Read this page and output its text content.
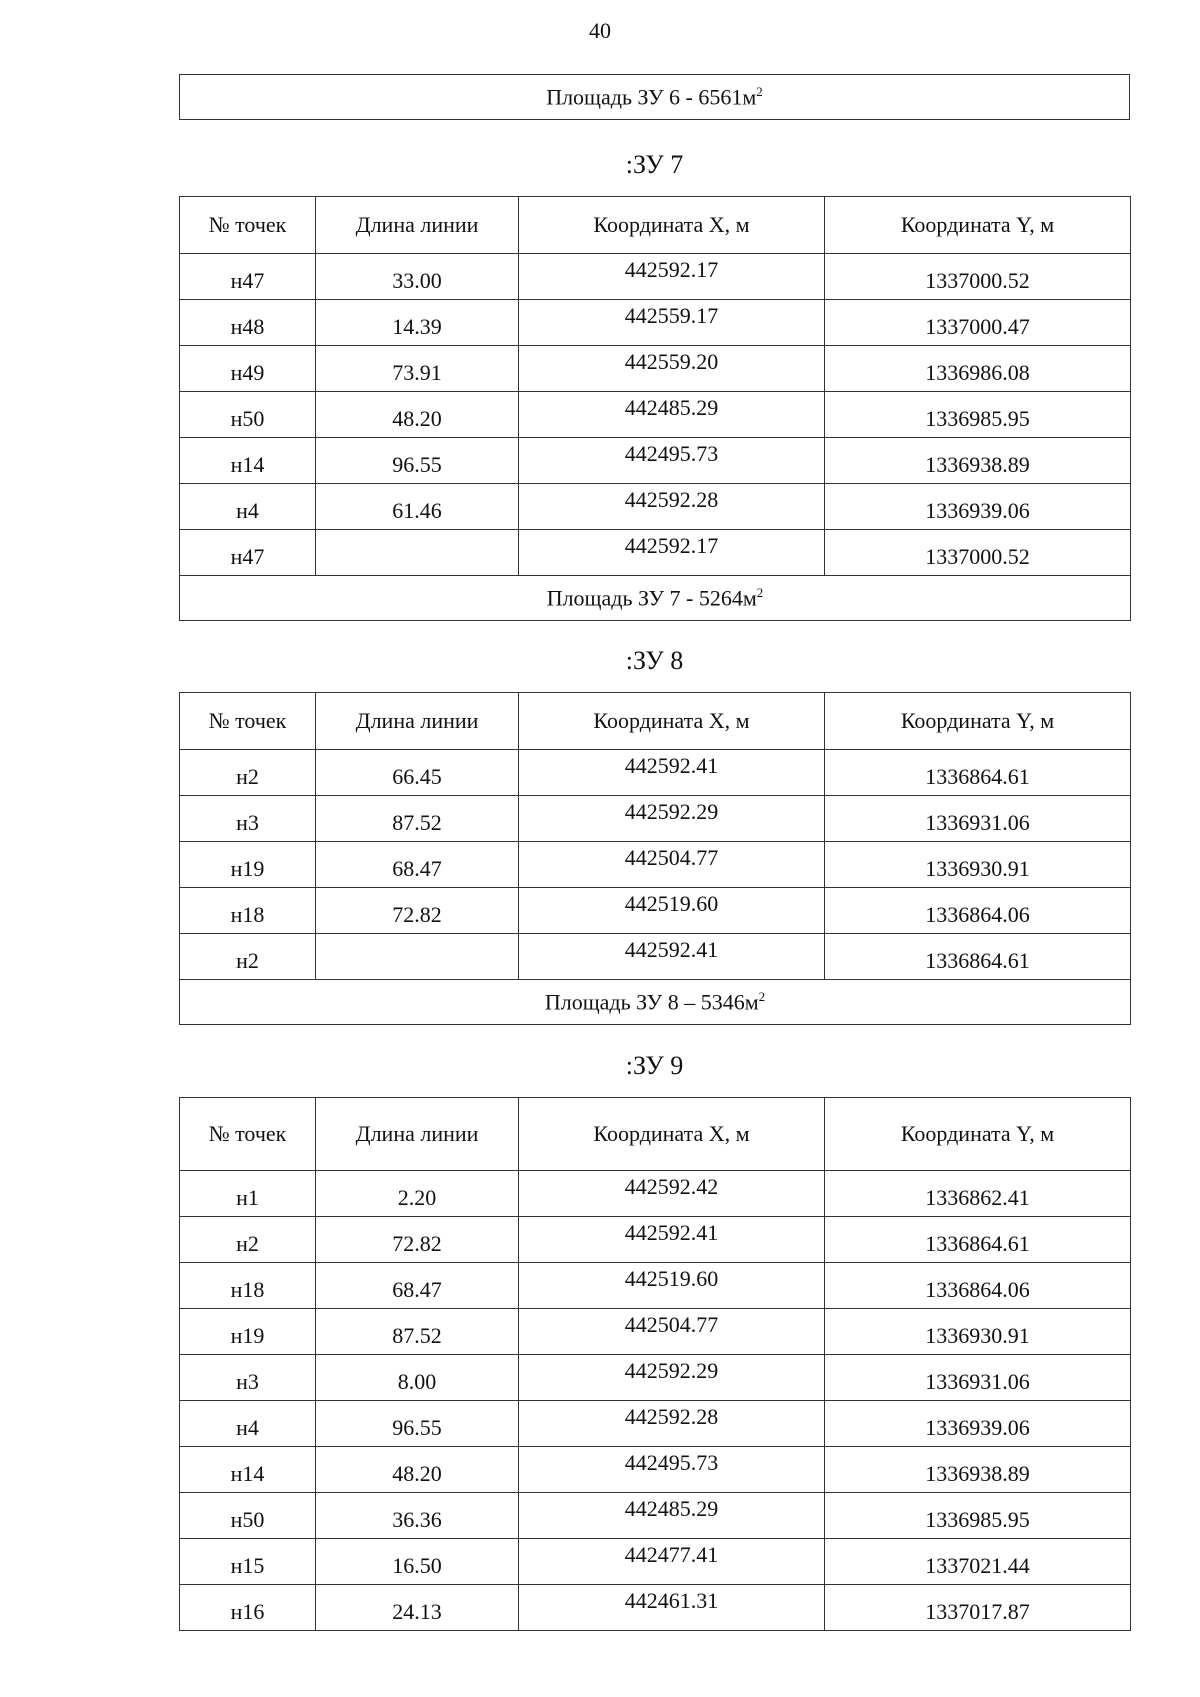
40
Площадь ЗУ $6 - 6561м^2$
:ЗУ 7
№ точек	Длина линии	Координата X, м	Координата Y, м
н47	33.00	442592.17	1337000.52
н48	14.39	442559.17	1337000.47
н49	73.91	442559.20	1336986.08
н50	48.20	442485.29	1336985.95
н14	96.55	442495.73	1336938.89
н4	61.46	442592.28	1336939.06
н47		442592.17	1337000.52
Площадь ЗУ $7 - 5264м^2$
:ЗУ 8
№ точек	Длина линии	Координата X, м	Координата Y, м
н2	66.45	442592.41	1336864.61
н3	87.52	442592.29	1336931.06
н19	68.47	442504.77	1336930.91
н18	72.82	442519.60	1336864.06
н2		442592.41	1336864.61
Площадь ЗУ $8 - 5346м^2$
:ЗУ 9
№ точек	Длина линии	Координата X, м	Координата Y, м
н1	2.20	442592.42	1336862.41
н2	72.82	442592.41	1336864.61
н18	68.47	442519.60	1336864.06
н19	87.52	442504.77	1336930.91
н3	8.00	442592.29	1336931.06
н4	96.55	442592.28	1336939.06
н14	48.20	442495.73	1336938.89
н50	36.36	442485.29	1336985.95
н15	16.50	442477.41	1337021.44
н16	24.13	442461.31	1337017.87
